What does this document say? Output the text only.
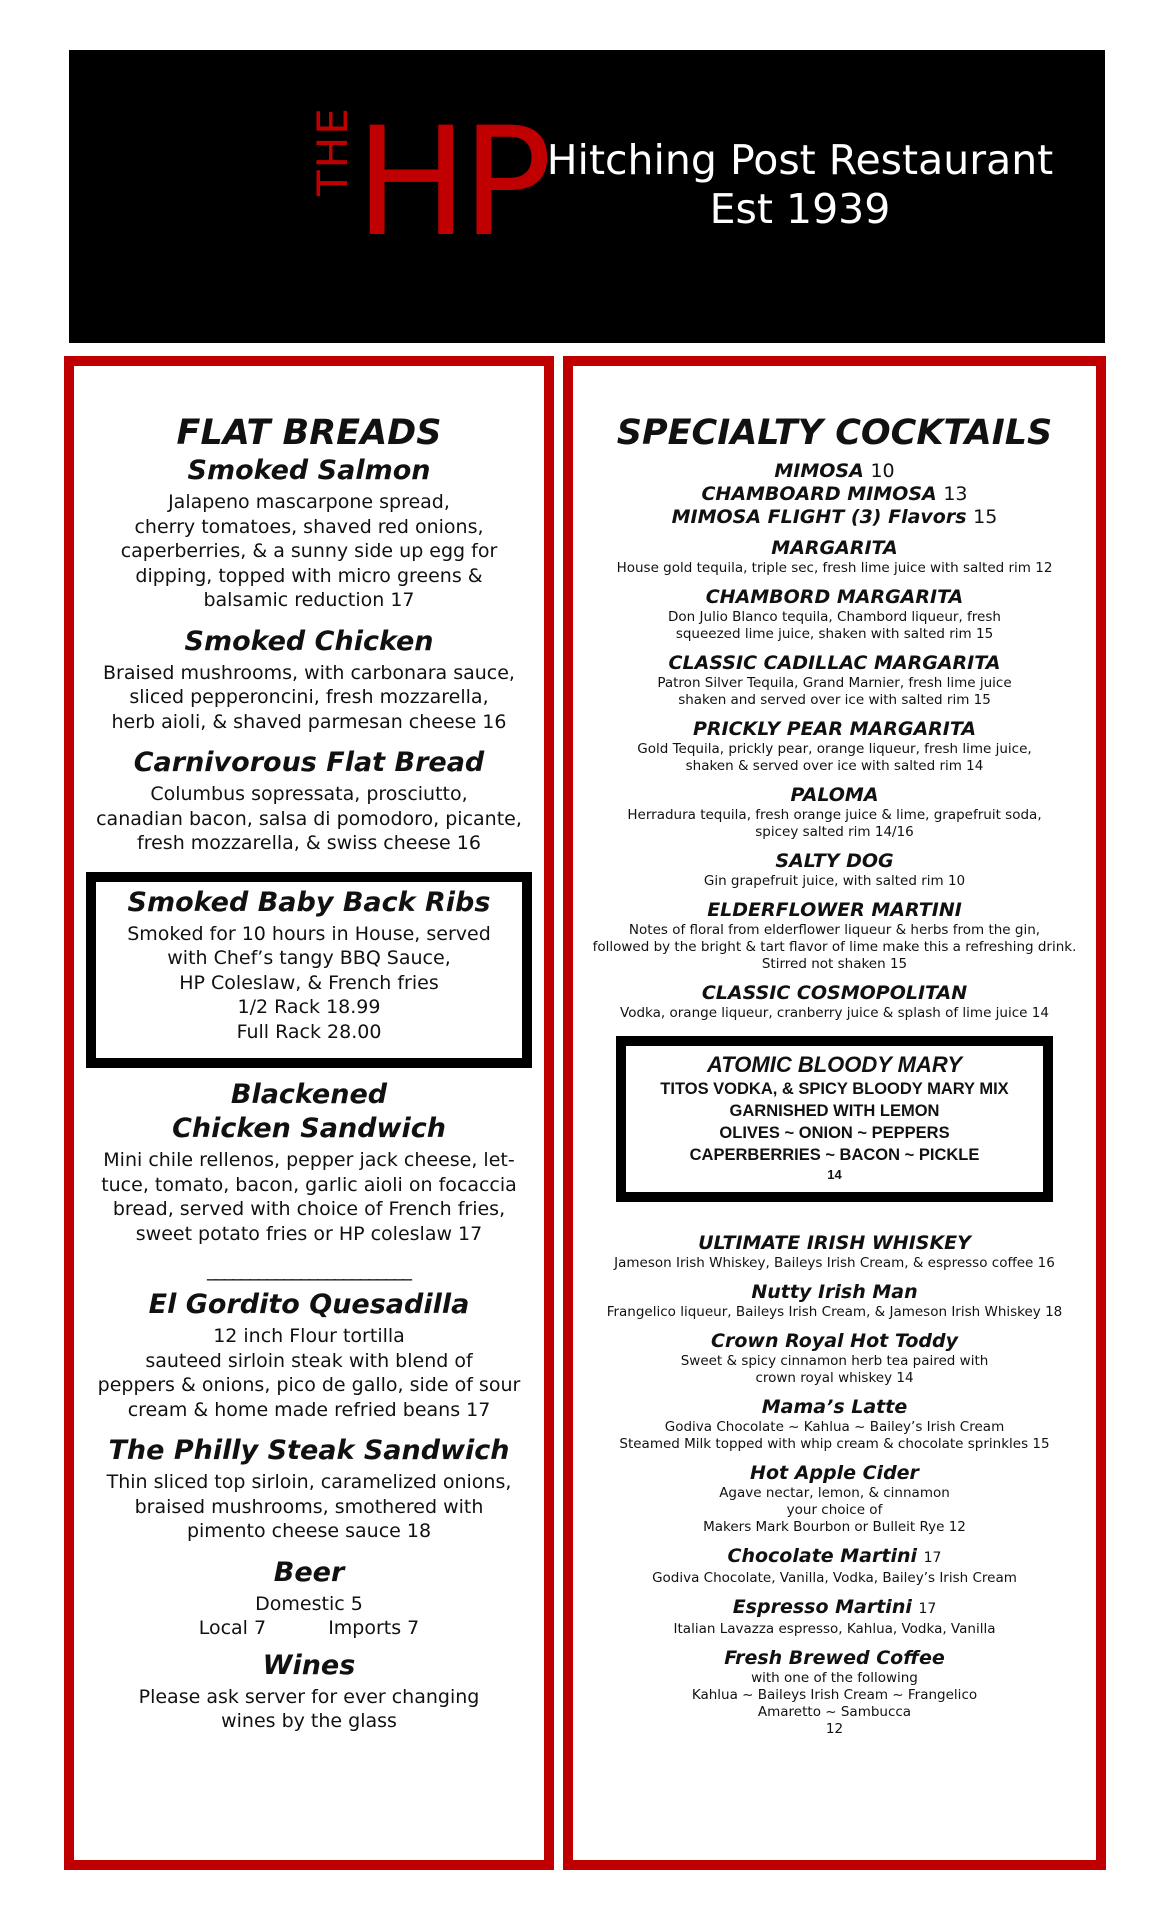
THE
HP Hitching Post Restaurant
Est 1939
FLAT BREADS
Smoked Salmon
Jalapeno mascarpone spread,
cherry tomatoes, shaved red onions,
caperberries, & a sunny side up egg for
dipping, topped with micro greens &
balsamic reduction 17
Smoked Chicken
Braised mushrooms, with carbonara sauce,
sliced pepperoncini, fresh mozzarella,
herb aioli, & shaved parmesan cheese 16
Carnivorous Flat Bread
Columbus sopressata, prosciutto,
canadian bacon, salsa di pomodoro, picante,
fresh mozzarella, & swiss cheese 16
Smoked Baby Back Ribs
Smoked for 10 hours in House, served
with Chef’s tangy BBQ Sauce,
HP Coleslaw, & French fries
1/2 Rack 18.99
Full Rack 28.00
Blackened
Chicken Sandwich
Mini chile rellenos, pepper jack cheese, let-
tuce, tomato, bacon, garlic aioli on focaccia
bread, served with choice of French fries,
sweet potato fries or HP coleslaw 17
________________________
El Gordito Quesadilla
12 inch Flour tortilla
sauteed sirloin steak with blend of
peppers & onions, pico de gallo, side of sour
cream & home made refried beans 17
The Philly Steak Sandwich
Thin sliced top sirloin, caramelized onions,
braised mushrooms, smothered with
pimento cheese sauce 18
Beer
Domestic 5
Local 7	Imports 7
Wines
Please ask server for ever changing
wines by the glass
SPECIALTY COCKTAILS
MIMOSA 10
CHAMBOARD MIMOSA 13
MIMOSA FLIGHT (3) Flavors 15
MARGARITA
House gold tequila, triple sec, fresh lime juice with salted rim 12
CHAMBORD MARGARITA
Don Julio Blanco tequila, Chambord liqueur, fresh
squeezed lime juice, shaken with salted rim 15
CLASSIC CADILLAC MARGARITA
Patron Silver Tequila, Grand Marnier, fresh lime juice
shaken and served over ice with salted rim 15
PRICKLY PEAR MARGARITA
Gold Tequila, prickly pear, orange liqueur, fresh lime juice,
shaken & served over ice with salted rim 14
PALOMA
Herradura tequila, fresh orange juice & lime, grapefruit soda,
spicey salted rim 14/16
SALTY DOG
Gin grapefruit juice, with salted rim 10
ELDERFLOWER MARTINI
Notes of floral from elderflower liqueur & herbs from the gin,
followed by the bright & tart flavor of lime make this a refreshing drink.
Stirred not shaken 15
CLASSIC COSMOPOLITAN
Vodka, orange liqueur, cranberry juice & splash of lime juice 14
ATOMIC BLOODY MARY
TITOS VODKA, & SPICY BLOODY MARY MIX
GARNISHED WITH LEMON
OLIVES ~ ONION ~ PEPPERS
CAPERBERRIES ~ BACON ~ PICKLE
14
ULTIMATE IRISH WHISKEY
Jameson Irish Whiskey, Baileys Irish Cream, & espresso coffee 16
Nutty Irish Man
Frangelico liqueur, Baileys Irish Cream, & Jameson Irish Whiskey 18
Crown Royal Hot Toddy
Sweet & spicy cinnamon herb tea paired with
crown royal whiskey 14
Mama’s Latte
Godiva Chocolate ~ Kahlua ~ Bailey’s Irish Cream
Steamed Milk topped with whip cream & chocolate sprinkles 15
Hot Apple Cider
Agave nectar, lemon, & cinnamon
your choice of
Makers Mark Bourbon or Bulleit Rye 12
Chocolate Martini 17
Godiva Chocolate, Vanilla, Vodka, Bailey’s Irish Cream
Espresso Martini 17
Italian Lavazza espresso, Kahlua, Vodka, Vanilla
Fresh Brewed Coffee
with one of the following
Kahlua ~ Baileys Irish Cream ~ Frangelico
Amaretto ~ Sambucca
12
